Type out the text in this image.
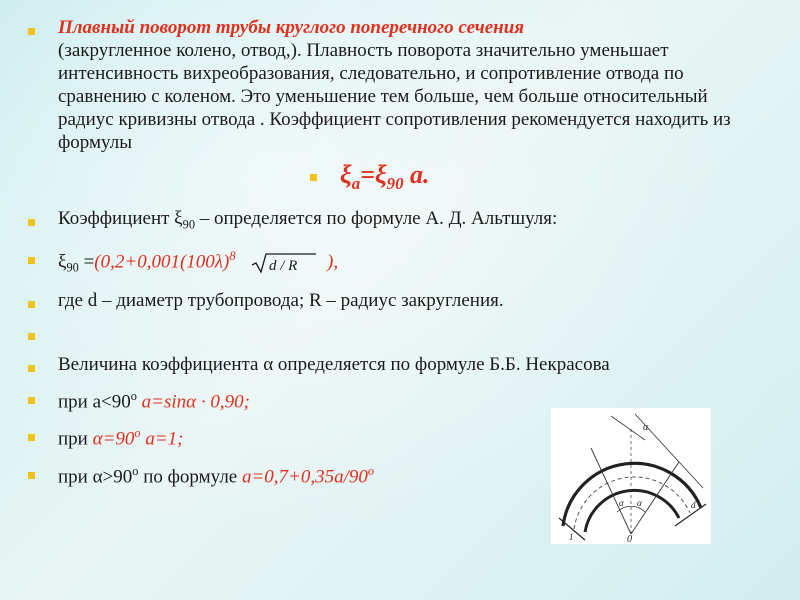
Плавный поворот трубы круглого поперечного сечения
(закругленное колено, отвод,). Плавность поворота значительно уменьшает интенсивность вихреобразования, следовательно, и сопротивление отвода по сравнению с коленом. Это уменьшение тем больше, чем больше относительный радиус кривизны отвода . Коэффициент сопротивления рекомендуется находить из формулы
$\xi_a=\xi_{90}$ a.
Коэффициент $\xi_{90}$ – определяется по формуле А. Д. Альтшуля:
$\xi_{90} =(0,2+0,001(100\lambda)^8$
d / R ),
где d – диаметр трубопровода; R – радиус закругления.

Величина коэффициента α определяется по формуле Б.Б. Некрасова
при $а<90^о$ a=sinα · 0,90;
при $\alpha=90^о$ a=1;
при $\alpha>90^о$ по формуле $a=0,7+0,35a/90^о$
α
α α
0
1
d
